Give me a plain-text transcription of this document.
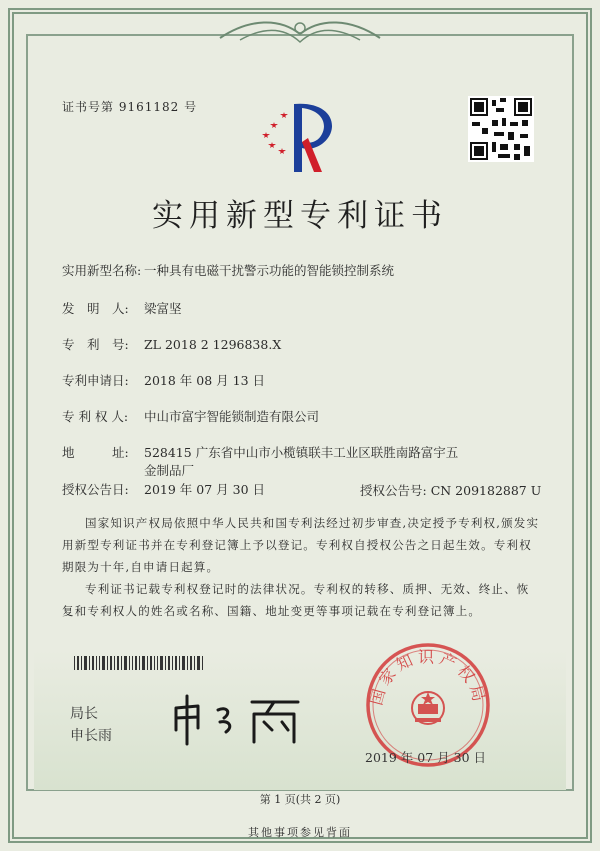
证书号第 9161182 号
实用新型专利证书
实用新型名称: 一种具有电磁干扰警示功能的智能锁控制系统
发　明　人: 梁富坚
专　利　号: ZL 2018 2 1296838.X
专利申请日: 2018 年 08 月 13 日
专 利 权 人: 中山市富宇智能锁制造有限公司
地　　　址: 528415 广东省中山市小榄镇联丰工业区联胜南路富宇五金制品厂
授权公告日: 2019 年 07 月 30 日	授权公告号: CN 209182887 U
国家知识产权局依照中华人民共和国专利法经过初步审查,决定授予专利权,颁发实用新型专利证书并在专利登记簿上予以登记。专利权自授权公告之日起生效。专利权期限为十年,自申请日起算。
专利证书记载专利权登记时的法律状况。专利权的转移、质押、无效、终止、恢复和专利权人的姓名或名称、国籍、地址变更等事项记载在专利登记簿上。
局长
申长雨
国家知识产权局
2019 年 07 月 30 日
第 1 页(共 2 页)
其他事项参见背面
